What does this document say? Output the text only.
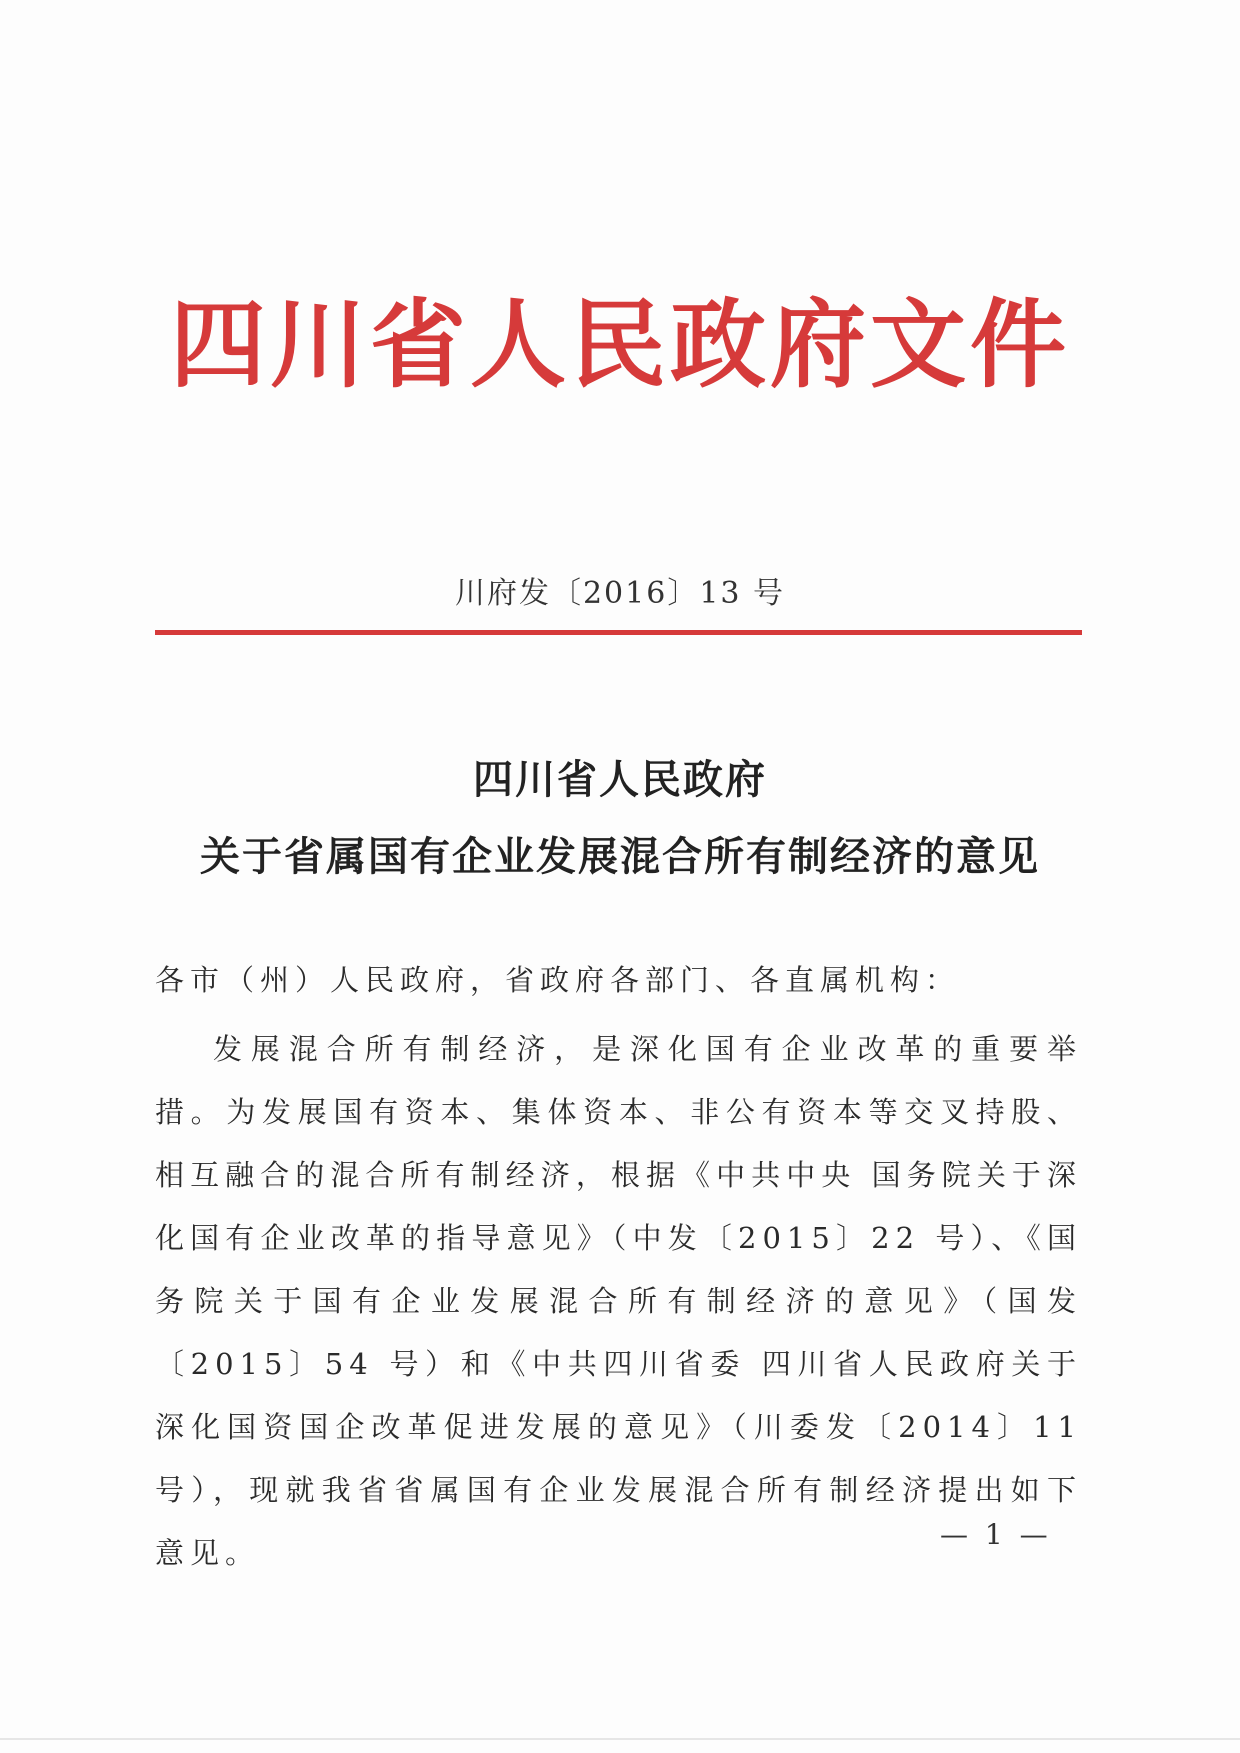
四川省人民政府文件
川府发〔2016〕13 号
四川省人民政府
关于省属国有企业发展混合所有制经济的意见
各市（州）人民政府，省政府各部门、各直属机构：
发展混合所有制经济，是深化国有企业改革的重要举措。为发展国有资本、集体资本、非公有资本等交叉持股、相互融合的混合所有制经济，根据《中共中央 国务院关于深化国有企业改革的指导意见》（中发〔2015〕22 号）、《国务院关于国有企业发展混合所有制经济的意见》（国发〔2015〕54 号）和《中共四川省委 四川省人民政府关于深化国资国企改革促进发展的意见》（川委发〔2014〕11 号），现就我省省属国有企业发展混合所有制经济提出如下意见。
— 1 —
